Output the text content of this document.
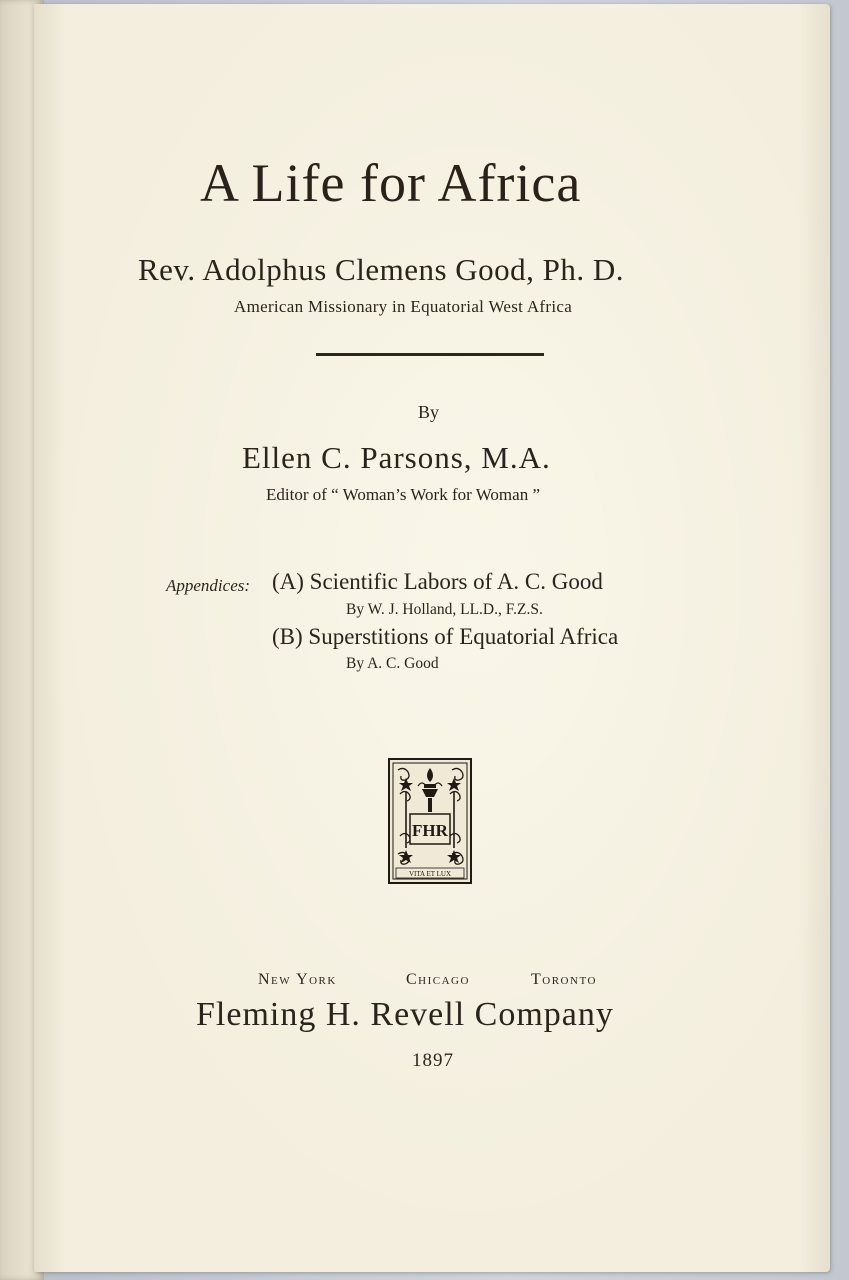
A Life for Africa
Rev. Adolphus Clemens Good, Ph. D.
American Missionary in Equatorial West Africa
By
Ellen C. Parsons, M.A.
Editor of “ Woman’s Work for Woman ”
Appendices: (A) Scientific Labors of A. C. Good
By W. J. Holland, LL.D., F.Z.S.
(B) Superstitions of Equatorial Africa
By A. C. Good
FHR
VITA ET LUX
New York	Chicago	Toronto
Fleming H. Revell Company
1897
